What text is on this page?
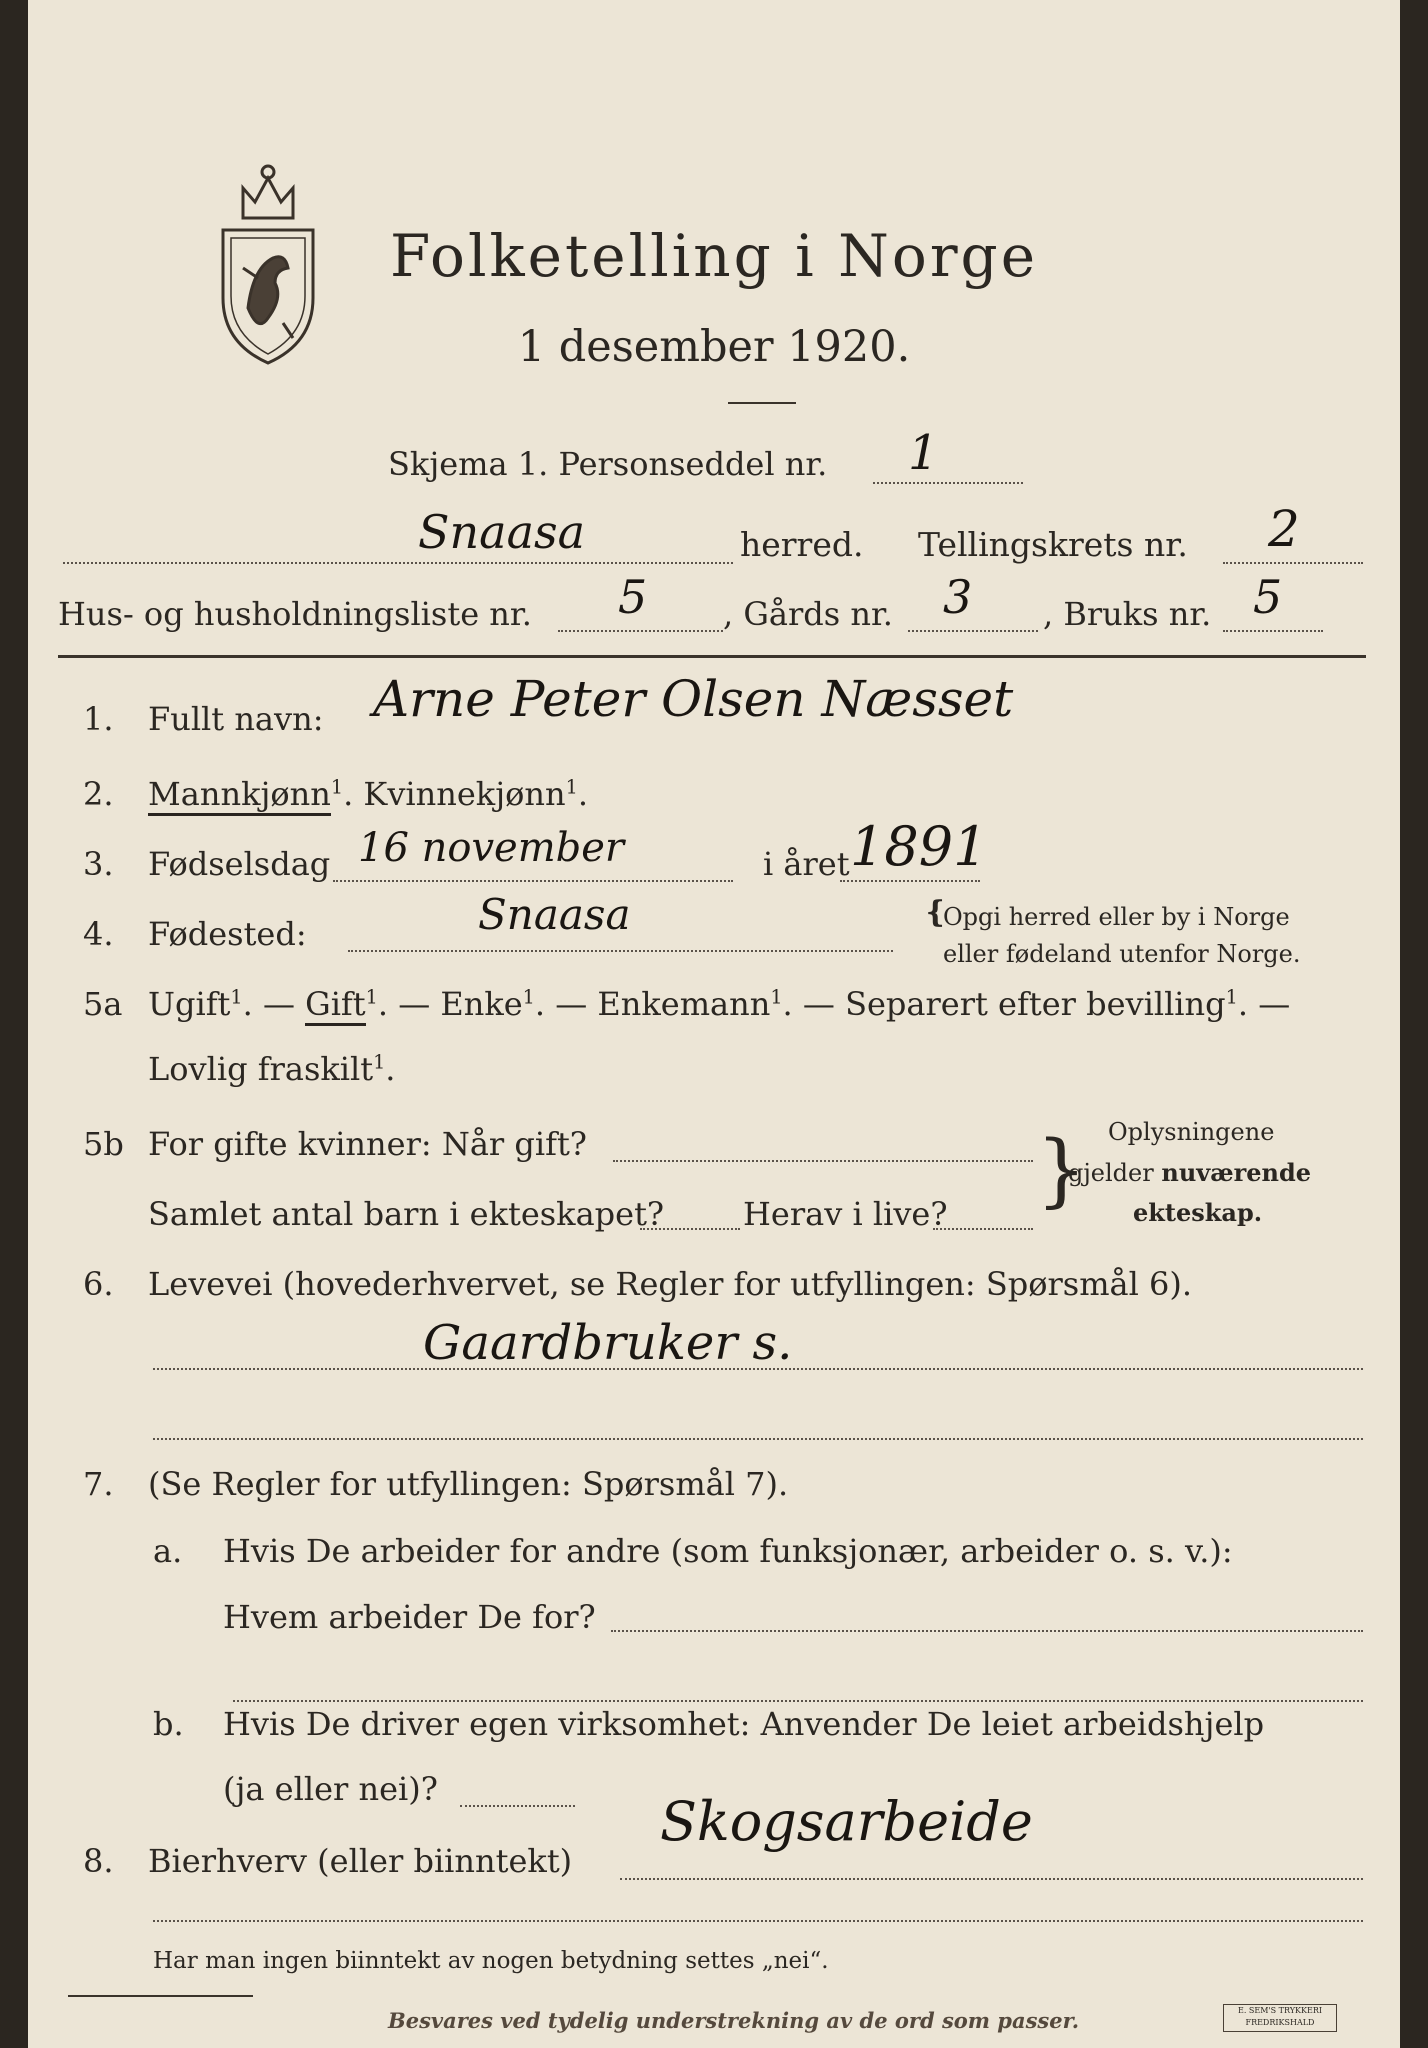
Folketelling i Norge
1 desember 1920.
Skjema 1. Personseddel nr. 1
Snaasa	herred. Tellingskrets nr. 2
Hus- og husholdningsliste nr. 5 , Gårds nr. 3 , Bruks nr. 5
1. Fullt navn: Arne Peter Olsen Næsset
2. Mannkjønn$^1$. Kvinnekjønn$^1$.
3. Fødselsdag 16 november	i året 1891
4. Fødested:	Snaasa	❴
Opgi herred eller by i Norge
eller fødeland utenfor Norge.
5a Ugift$^1$. — Gift$^1$. — Enke$^1$. — Enkemann$^1$. — Separert efter bevilling$^1$. —
Lovlig fraskilt$^1$.
5b For gifte kvinner: Når gift?
Samlet antal barn i ekteskapet? Herav i live? } Oplysningene
gjelder nuværende
ekteskap.
6. Levevei (hovederhvervet, se Regler for utfyllingen: Spørsmål 6).
Gaardbruker s.
7. (Se Regler for utfyllingen: Spørsmål 7).
a. Hvis De arbeider for andre (som funksjonær, arbeider o. s. v.):
Hvem arbeider De for?
b. Hvis De driver egen virksomhet: Anvender De leiet arbeidshjelp
(ja eller nei)?
8. Bierhverv (eller biinntekt)
Skogsarbeide
Har man ingen biinntekt av nogen betydning settes „nei“.
Besvares ved tydelig understrekning av de ord som passer.	E. SEM'S TRYKKERI FREDRIKSHALD
